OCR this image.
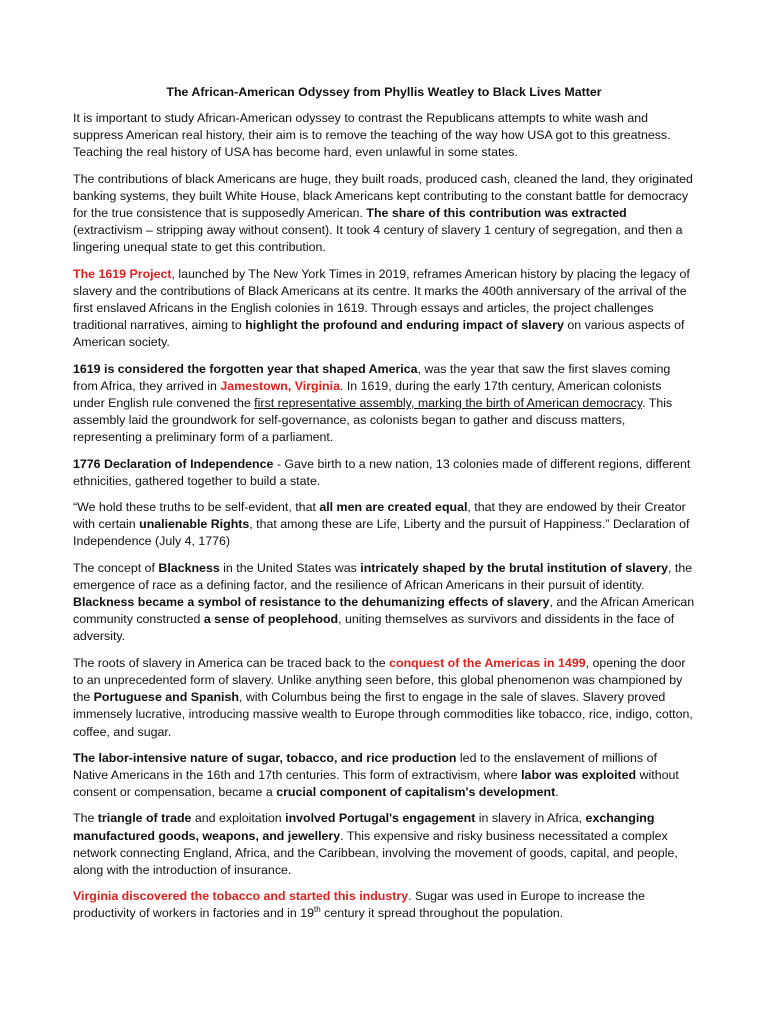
The African-American Odyssey from Phyllis Weatley to Black Lives Matter

It is important to study African-American odyssey to contrast the Republicans attempts to white wash and suppress American real history, their aim is to remove the teaching of the way how USA got to this greatness. Teaching the real history of USA has become hard, even unlawful in some states.

The contributions of black Americans are huge, they built roads, produced cash, cleaned the land, they originated banking systems, they built White House, black Americans kept contributing to the constant battle for democracy for the true consistence that is supposedly American. The share of this contribution was extracted (extractivism – stripping away without consent). It took 4 century of slavery 1 century of segregation, and then a lingering unequal state to get this contribution.

The 1619 Project, launched by The New York Times in 2019, reframes American history by placing the legacy of slavery and the contributions of Black Americans at its centre. It marks the 400th anniversary of the arrival of the first enslaved Africans in the English colonies in 1619. Through essays and articles, the project challenges traditional narratives, aiming to highlight the profound and enduring impact of slavery on various aspects of American society.

1619 is considered the forgotten year that shaped America, was the year that saw the first slaves coming from Africa, they arrived in Jamestown, Virginia. In 1619, during the early 17th century, American colonists under English rule convened the first representative assembly, marking the birth of American democracy. This assembly laid the groundwork for self-governance, as colonists began to gather and discuss matters, representing a preliminary form of a parliament.

1776 Declaration of Independence - Gave birth to a new nation, 13 colonies made of different regions, different ethnicities, gathered together to build a state.

“We hold these truths to be self-evident, that all men are created equal, that they are endowed by their Creator with certain unalienable Rights, that among these are Life, Liberty and the pursuit of Happiness.” Declaration of Independence (July 4, 1776)

The concept of Blackness in the United States was intricately shaped by the brutal institution of slavery, the emergence of race as a defining factor, and the resilience of African Americans in their pursuit of identity. Blackness became a symbol of resistance to the dehumanizing effects of slavery, and the African American community constructed a sense of peoplehood, uniting themselves as survivors and dissidents in the face of adversity.

The roots of slavery in America can be traced back to the conquest of the Americas in 1499, opening the door to an unprecedented form of slavery. Unlike anything seen before, this global phenomenon was championed by the Portuguese and Spanish, with Columbus being the first to engage in the sale of slaves. Slavery proved immensely lucrative, introducing massive wealth to Europe through commodities like tobacco, rice, indigo, cotton, coffee, and sugar.

The labor-intensive nature of sugar, tobacco, and rice production led to the enslavement of millions of Native Americans in the 16th and 17th centuries. This form of extractivism, where labor was exploited without consent or compensation, became a crucial component of capitalism's development.

The triangle of trade and exploitation involved Portugal's engagement in slavery in Africa, exchanging manufactured goods, weapons, and jewellery. This expensive and risky business necessitated a complex network connecting England, Africa, and the Caribbean, involving the movement of goods, capital, and people, along with the introduction of insurance.

Virginia discovered the tobacco and started this industry. Sugar was used in Europe to increase the productivity of workers in factories and in 19th century it spread throughout the population.
